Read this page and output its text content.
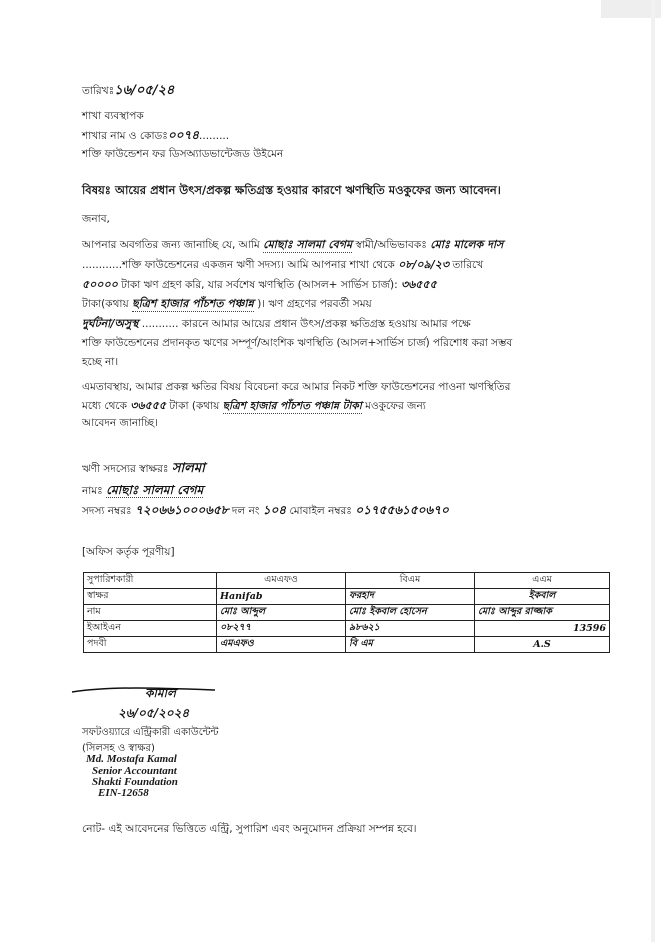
তারিখঃ১৬/০৫/২৪
শাখা ব্যবস্থাপক
শাখার নাম ও কোডঃ০০৭৪.........
শক্তি ফাউন্ডেশন ফর ডিসঅ্যাডভান্টেজড উইমেন
বিষয়ঃ আয়ের প্রধান উৎস/প্রকল্প ক্ষতিগ্রস্ত হওয়ার কারণে ঋণস্থিতি মওকুফের জন্য আবেদন।
জনাব,
আপনার অবগতির জন্য জানাচ্ছি যে, আমি মোছাঃ সালমা বেগম স্বামী/অভিভাবকঃ মোঃ মালেক দাস
............শক্তি ফাউন্ডেশনের একজন ঋণী সদস্য। আমি আপনার শাখা থেকে ০৮/০৯/২৩ তারিখে
৫০০০০ টাকা ঋণ গ্রহণ করি, যার সর্বশেষ ঋণস্থিতি (আসল+ সার্ভিস চার্জ): ৩৬৫৫৫
টাকা(কথায় ছত্রিশ হাজার পাঁচশত পঞ্চান্ন )। ঋণ গ্রহণের পরবর্তী সময়
দুর্ঘটনা/অসুস্থ ........... কারনে আমার আয়ের প্রধান উৎস/প্রকল্প ক্ষতিগ্রস্ত হওয়ায় আমার পক্ষে
শক্তি ফাউন্ডেশনের প্রদানকৃত ঋণের সম্পূর্ণ/আংশিক ঋণস্থিতি (আসল+সার্ভিস চার্জ) পরিশোধ করা সম্ভব
হচ্ছে না।
এমতাবস্থায়, আমার প্রকল্প ক্ষতির বিষয় বিবেচনা করে আমার নিকট শক্তি ফাউন্ডেশনের পাওনা ঋণস্থিতির
মধ্যে থেকে ৩৬৫৫৫ টাকা (কথায় ছত্রিশ হাজার পাঁচশত পঞ্চান্ন টাকা মওকুফের জন্য
আবেদন জানাচ্ছি।
ঋণী সদস্যের স্বাক্ষরঃ সালমা
নামঃ মোছাঃ সালমা বেগম
সদস্য নম্বরঃ ৭২০৬৬১০০০৬৫৮ দল নং ১০৪ মোবাইল নম্বরঃ ০১৭৫৫৬১৫০৬৭০
[অফিস কর্তৃক পূরণীয়]
সুপারিশকারী	এমএফও	বিএম	এএম
স্বাক্ষর	Hanifab	ফরহাদ	ইকবাল
নাম	মোঃ আব্দুল	মোঃ ইকবাল হোসেন	মোঃ আব্দুর রাজ্জাক
ইআইএন	০৮২৭৭	৯৮৬২১	13596
পদবী	এমএফও	বি এম	A.S
কামাল
২৬/০৫/২০২৪
সফটওয়্যারে এন্ট্রিকারী একাউন্টেন্ট
(সিলসহ ও স্বাক্ষর)
Md. Mostafa Kamal
Senior Accountant
Shakti Foundation
EIN-12658
নোট- এই আবেদনের ভিত্তিতে এন্ট্রি, সুপারিশ এবং অনুমোদন প্রক্রিয়া সম্পন্ন হবে।
